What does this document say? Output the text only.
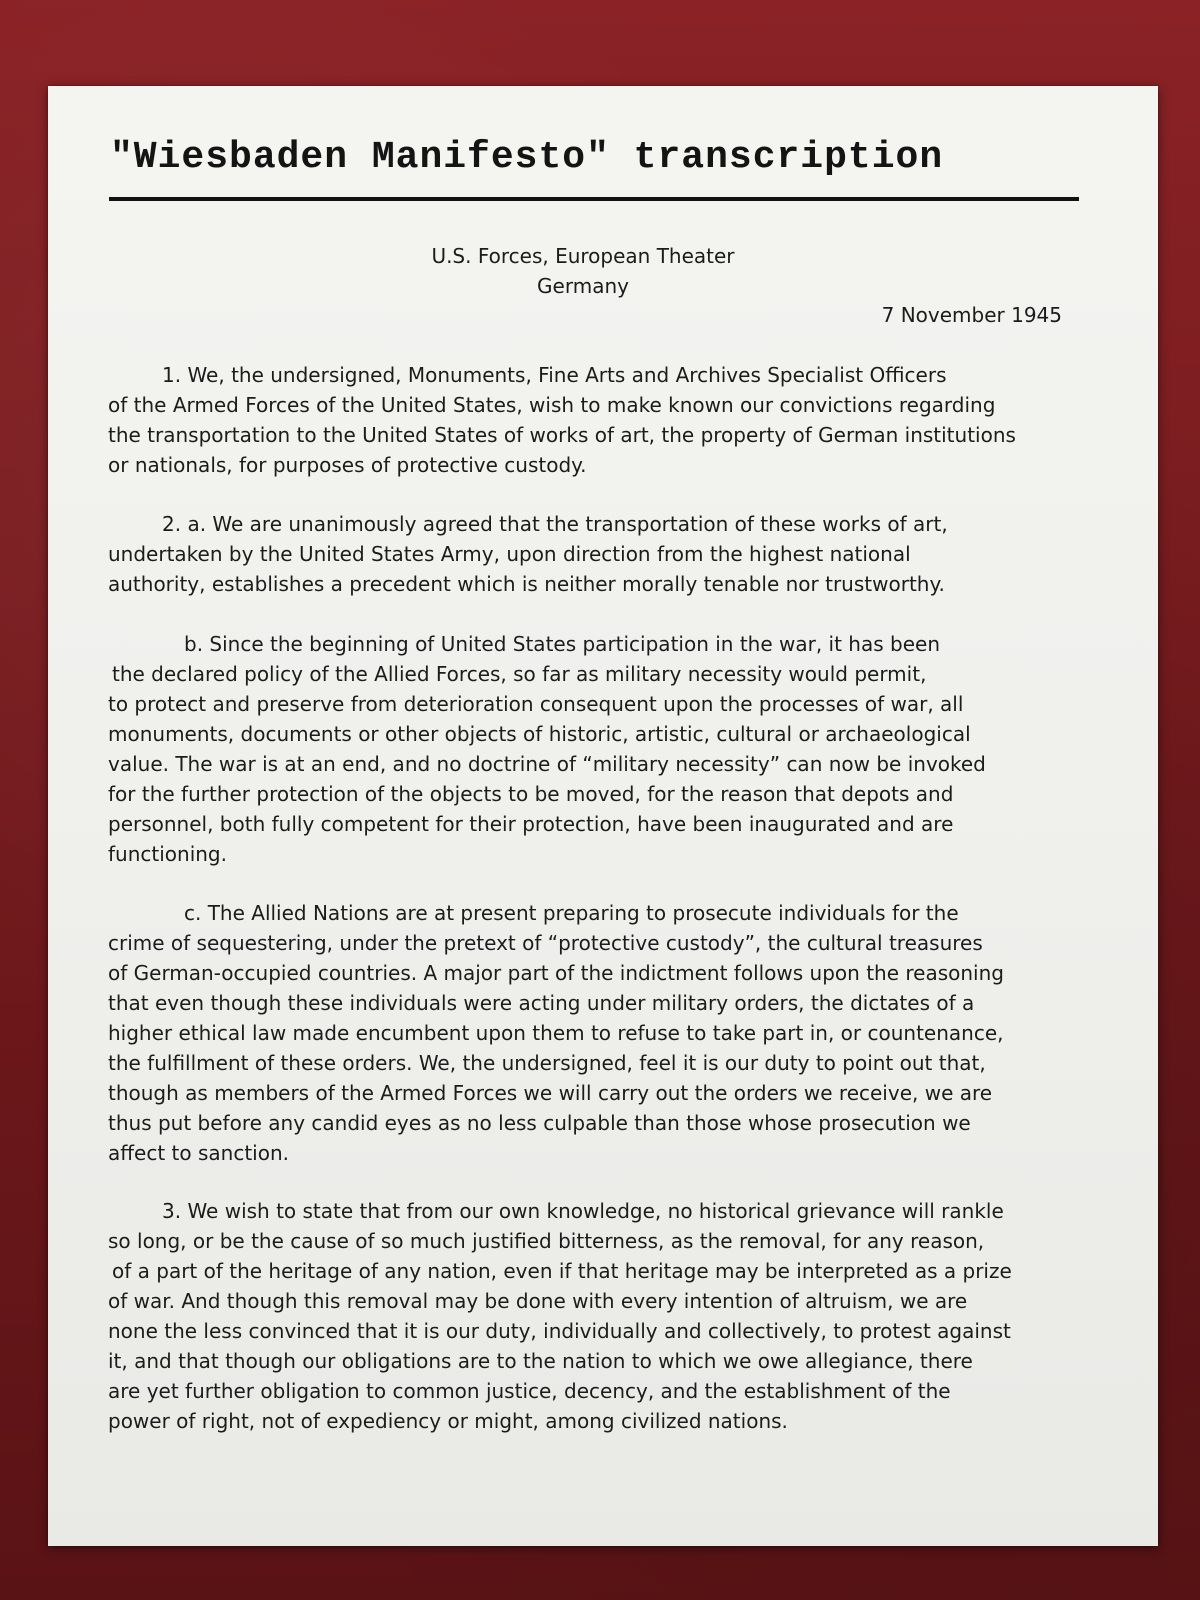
"Wiesbaden Manifesto" transcription

U.S. Forces, European Theater

Germany

7 November 1945

1. We, the undersigned, Monuments, Fine Arts and Archives Specialist Officers
of the Armed Forces of the United States, wish to make known our convictions regarding
the transportation to the United States of works of art, the property of German institutions
or nationals, for purposes of protective custody.
2. a. We are unanimously agreed that the transportation of these works of art,
undertaken by the United States Army, upon direction from the highest national
authority, establishes a precedent which is neither morally tenable nor trustworthy.
b. Since the beginning of United States participation in the war, it has been
the declared policy of the Allied Forces, so far as military necessity would permit,
to protect and preserve from deterioration consequent upon the processes of war, all
monuments, documents or other objects of historic, artistic, cultural or archaeological
value. The war is at an end, and no doctrine of “military necessity” can now be invoked
for the further protection of the objects to be moved, for the reason that depots and
personnel, both fully competent for their protection, have been inaugurated and are
functioning.
c. The Allied Nations are at present preparing to prosecute individuals for the
crime of sequestering, under the pretext of “protective custody”, the cultural treasures
of German-occupied countries. A major part of the indictment follows upon the reasoning
that even though these individuals were acting under military orders, the dictates of a
higher ethical law made encumbent upon them to refuse to take part in, or countenance,
the fulfillment of these orders. We, the undersigned, feel it is our duty to point out that,
though as members of the Armed Forces we will carry out the orders we receive, we are
thus put before any candid eyes as no less culpable than those whose prosecution we
affect to sanction.
3. We wish to state that from our own knowledge, no historical grievance will rankle
so long, or be the cause of so much justified bitterness, as the removal, for any reason,
of a part of the heritage of any nation, even if that heritage may be interpreted as a prize
of war. And though this removal may be done with every intention of altruism, we are
none the less convinced that it is our duty, individually and collectively, to protest against
it, and that though our obligations are to the nation to which we owe allegiance, there
are yet further obligation to common justice, decency, and the establishment of the
power of right, not of expediency or might, among civilized nations.
